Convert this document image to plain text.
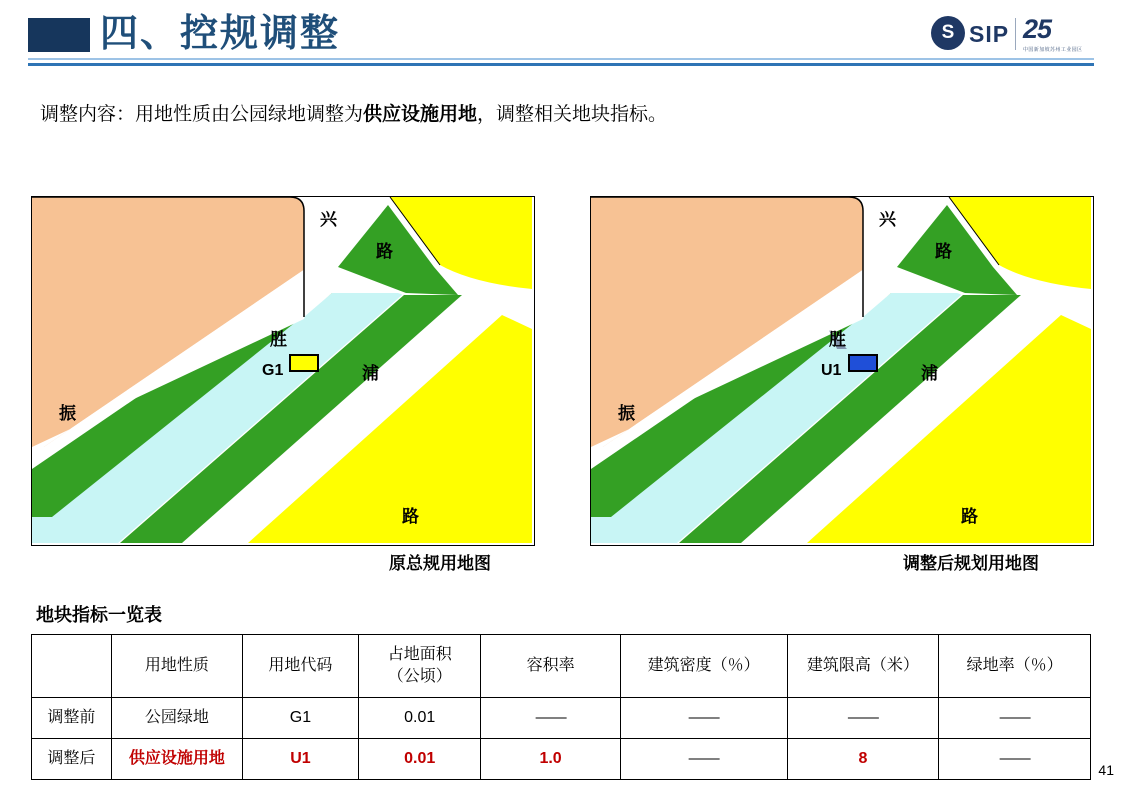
四、控规调整	S SIP 25
中国新加坡苏州工业园区
调整内容：用地性质由公园绿地调整为供应设施用地，调整相关地块指标。
兴
路
胜
浦
振
路
G1
原总规用地图
兴
路
胜
浦
振
路
U1
调整后规划用地图
地块指标一览表
	用地性质	用地代码	占地面积
（公顷）	容积率	建筑密度（％）	建筑限高（米）	绿地率（％）
调整前	公园绿地	G1	0.01	——	——	——	——
调整后	供应设施用地	U1	0.01	1.0	——	8	——
41
